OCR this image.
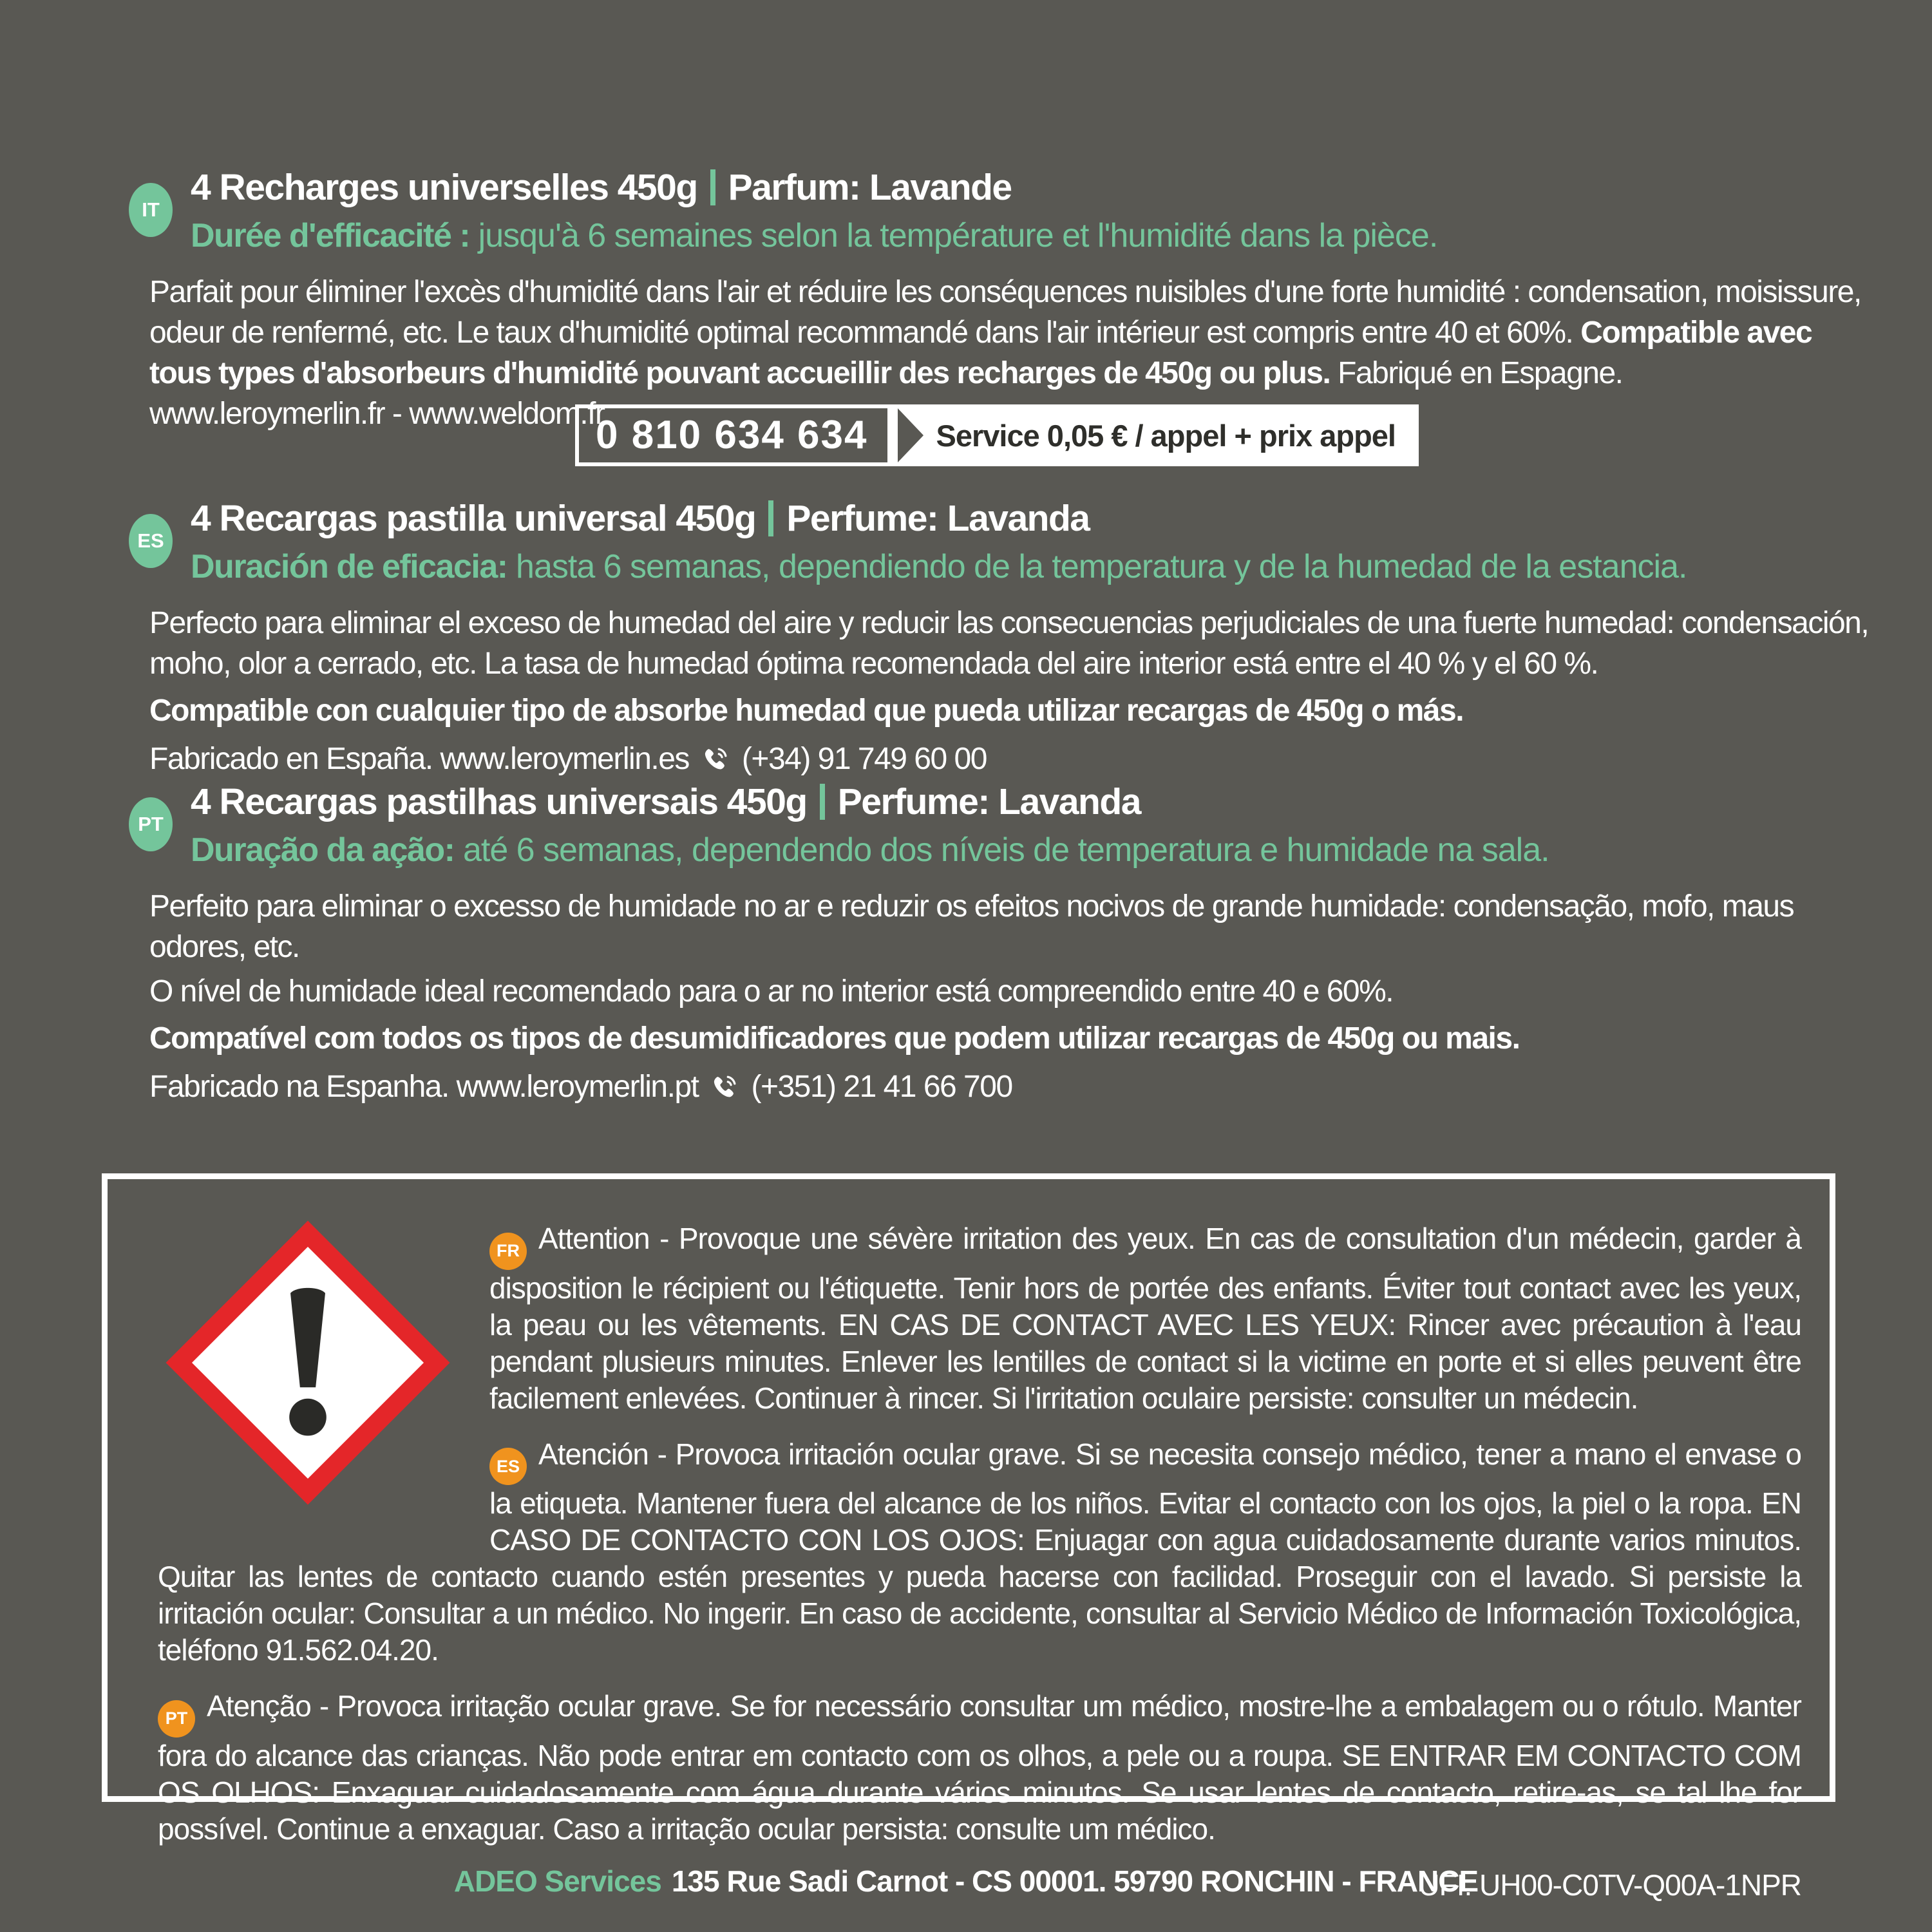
IT
4 Recharges universelles 450g Parfum: Lavande

Durée d'efficacité : jusqu'à 6 semaines selon la température et l'humidité dans la pièce.

Parfait pour éliminer l'excès d'humidité dans l'air et réduire les conséquences nuisibles d'une forte humidité : condensation, moisissure, odeur de renfermé, etc. Le taux d'humidité optimal recommandé dans l'air intérieur est compris entre 40 et 60%. Compatible avec tous types d'absorbeurs d'humidité pouvant accueillir des recharges de 450g ou plus. Fabriqué en Espagne.www.leroymerlin.fr - www.weldom.fr

0 810 634 634	Service 0,05 € / appel + prix appel
ES
4 Recargas pastilla universal 450g Perfume: Lavanda

Duración de eficacia: hasta 6 semanas, dependiendo de la temperatura y de la humedad de la estancia.

Perfecto para eliminar el exceso de humedad del aire y reducir las consecuencias perjudiciales de una fuerte humedad: condensación, moho, olor a cerrado, etc. La tasa de humedad óptima recomendada del aire interior está entre el 40 % y el 60 %.

Compatible con cualquier tipo de absorbe humedad que pueda utilizar recargas de 450g o más.

Fabricado en España. www.leroymerlin.es (+34) 91 749 60 00

PT
4 Recargas pastilhas universais 450g Perfume: Lavanda

Duração da ação: até 6 semanas, dependendo dos níveis de temperatura e humidade na sala.

Perfeito para eliminar o excesso de humidade no ar e reduzir os efeitos nocivos de grande humidade: condensação, mofo, maus odores, etc.

O nível de humidade ideal recomendado para o ar no interior está compreendido entre 40 e 60%.

Compatível com todos os tipos de desumidificadores que podem utilizar recargas de 450g ou mais.

Fabricado na Espanha. www.leroymerlin.pt (+351) 21 41 66 700

FR Attention - Provoque une sévère irritation des yeux. En cas de consultation d'un médecin, garder à disposition le récipient ou l'étiquette. Tenir hors de portée des enfants. Éviter tout contact avec les yeux, la peau ou les vêtements. EN CAS DE CONTACT AVEC LES YEUX: Rincer avec précaution à l'eau pendant plusieurs minutes. Enlever les lentilles de contact si la victime en porte et si elles peuvent être facilement enlevées. Continuer à rincer. Si l'irritation oculaire persiste: consulter un médecin.

ES Atención - Provoca irritación ocular grave. Si se necesita consejo médico, tener a mano el envase o la etiqueta. Mantener fuera del alcance de los niños. Evitar el contacto con los ojos, la piel o la ropa. EN CASO DE CONTACTO CON LOS OJOS: Enjuagar con agua cuidadosamente durante varios minutos. Quitar las lentes de contacto cuando estén presentes y pueda hacerse con facilidad. Proseguir con el lavado. Si persiste la irritación ocular: Consultar a un médico. No ingerir. En caso de accidente, consultar al Servicio Médico de Información Toxicológica, teléfono 91.562.04.20.

PT Atenção - Provoca irritação ocular grave. Se for necessário consultar um médico, mostre-lhe a embalagem ou o rótulo. Manter fora do alcance das crianças. Não pode entrar em contacto com os olhos, a pele ou a roupa. SE ENTRAR EM CONTACTO COM OS OLHOS: Enxaguar cuidadosamente com água durante vários minutos. Se usar lentes de contacto, retire-as, se tal lhe for possível. Continue a enxaguar. Caso a irritação ocular persista: consulte um médico.

UFI: UH00-C0TV-Q00A-1NPR

ADEO Services 135 Rue Sadi Carnot - CS 00001. 59790 RONCHIN - FRANCE
